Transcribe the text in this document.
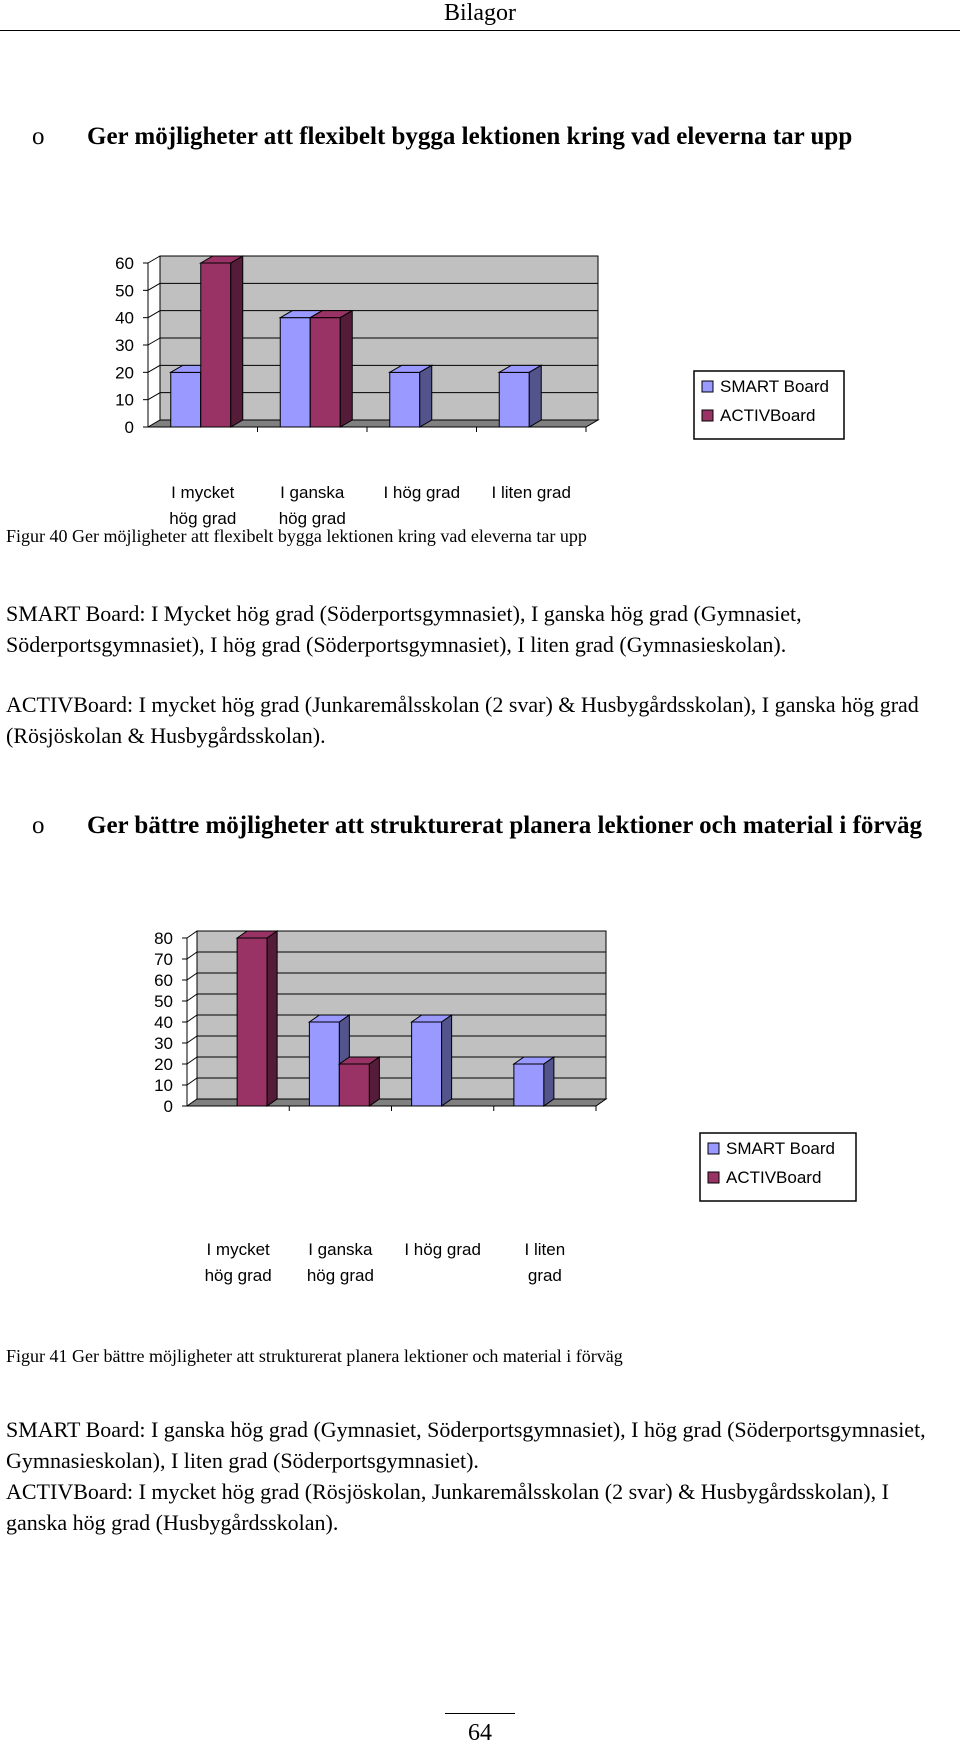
Bilagor
o Ger möjligheter att flexibelt bygga lektionen kring vad eleverna tar upp
0
10
20
30
40
50
60
I mycket
hög grad
I ganska
hög grad
I hög grad I liten grad
SMART Board
ACTIVBoard
Figur 40 Ger möjligheter att flexibelt bygga lektionen kring vad eleverna tar upp

SMART Board: I Mycket hög grad (Söderportsgymnasiet), I ganska hög grad (Gymnasiet, Söderportsgymnasiet), I hög grad (Söderportsgymnasiet), I liten grad (Gymnasieskolan).

ACTIVBoard: I mycket hög grad (Junkaremålsskolan (2 svar) & Husbygårdsskolan), I ganska hög grad (Rösjöskolan & Husbygårdsskolan).

o Ger bättre möjligheter att strukturerat planera lektioner och material i förväg
0
10
20
30
40
50
60
70
80
I mycket
hög grad
I ganska
hög grad
I hög grad	I liten
grad
SMART Board
ACTIVBoard
Figur 41 Ger bättre möjligheter att strukturerat planera lektioner och material i förväg

SMART Board: I ganska hög grad (Gymnasiet, Söderportsgymnasiet), I hög grad (Söderportsgymnasiet, Gymnasieskolan), I liten grad (Söderportsgymnasiet).

ACTIVBoard: I mycket hög grad (Rösjöskolan, Junkaremålsskolan (2 svar) & Husbygårdsskolan), I ganska hög grad (Husbygårdsskolan).

64
